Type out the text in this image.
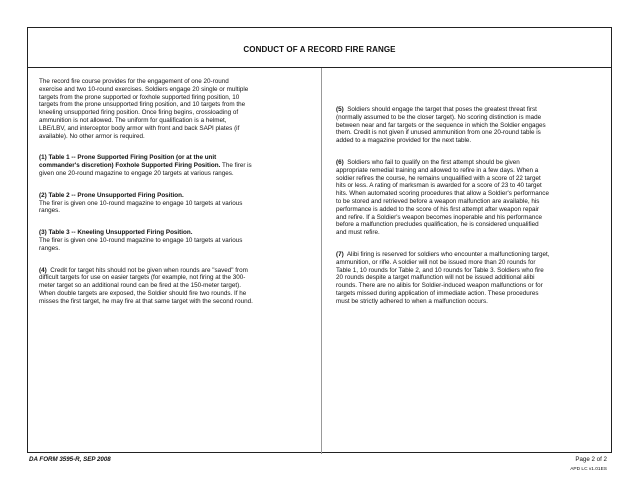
CONDUCT OF A RECORD FIRE RANGE

The record fire course provides for the engagement of one 20-round exercise and two 10-round exercises. Soldiers engage 20 single or multiple targets from the prone supported or foxhole supported firing position, 10 targets from the prone unsupported firing position, and 10 targets from the kneeling unsupported firing position. Once firing begins, crossloading of ammunition is not allowed. The uniform for qualification is a helmet, LBE/LBV, and interceptor body armor with front and back SAPI plates (if available). No other armor is required.

(1) Table 1 -- Prone Supported Firing Position (or at the unit commander's discretion) Foxhole Supported Firing Position. The firer is given one 20-round magazine to engage 20 targets at various ranges.

(2) Table 2 -- Prone Unsupported Firing Position.
The firer is given one 10-round magazine to engage 10 targets at various ranges.

(3) Table 3 -- Kneeling Unsupported Firing Position.
The firer is given one 10-round magazine to engage 10 targets at various ranges.

(4) Credit for target hits should not be given when rounds are "saved" from difficult targets for use on easier targets (for example, not firing at the 300-meter target so an additional round can be fired at the 150-meter target). When double targets are exposed, the Soldier should fire two rounds. If he misses the first target, he may fire at that same target with the second round.

(5) Soldiers should engage the target that poses the greatest threat first (normally assumed to be the closer target). No scoring distinction is made between near and far targets or the sequence in which the Soldier engages them. Credit is not given if unused ammunition from one 20-round table is added to a magazine provided for the next table.

(6) Soldiers who fail to qualify on the first attempt should be given appropriate remedial training and allowed to refire in a few days. When a soldier refires the course, he remains unqualified with a score of 22 target hits or less. A rating of marksman is awarded for a score of 23 to 40 target hits. When automated scoring procedures that allow a Soldier's performance to be stored and retrieved before a weapon malfunction are available, his performance is added to the score of his first attempt after weapon repair and refire. If a Soldier's weapon becomes inoperable and his performance before a malfunction precludes qualification, he is considered unqualified and must refire.

(7) Alibi firing is reserved for soldiers who encounter a malfunctioning target, ammunition, or rifle. A soldier will not be issued more than 20 rounds for Table 1, 10 rounds for Table 2, and 10 rounds for Table 3. Soldiers who fire 20 rounds despite a target malfunction will not be issued additional alibi rounds. There are no alibis for Soldier-induced weapon malfunctions or for targets missed during application of immediate action. These procedures must be strictly adhered to when a malfunction occurs.

DA FORM 3595-R, SEP 2008	Page 2 of 2
APD LC v1.01ES
